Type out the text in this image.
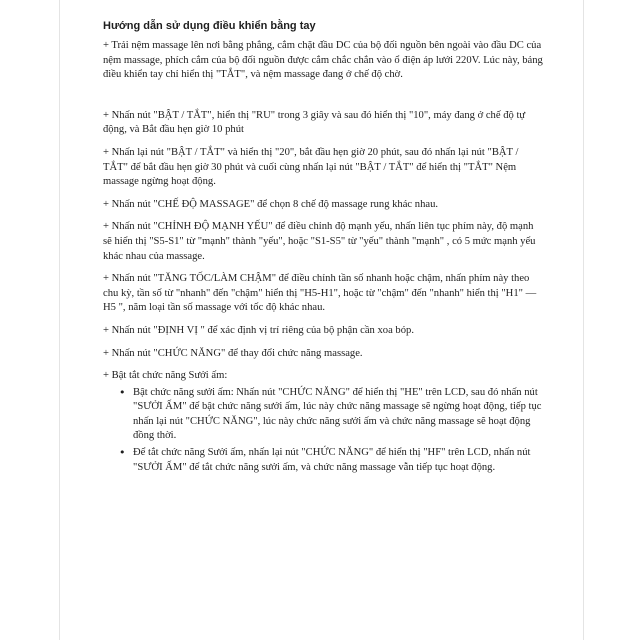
Hướng dẫn sử dụng điều khiển bằng tay

+ Trải nệm massage lên nơi bằng phẳng, cắm chặt đầu DC của bộ đối nguồn bên ngoài vào đầu DC của nệm massage, phích cắm của bộ đối nguồn được cắm chắc chắn vào ổ điện áp lưới 220V. Lúc này, bảng điều khiển tay chỉ hiển thị "TẮT", và nệm massage đang ở chế độ chờ.

+ Nhấn nút "BẬT / TẮT", hiển thị "RU" trong 3 giây và sau đó hiển thị "10", máy đang ở chế độ tự động, và Bắt đầu hẹn giờ 10 phút

+ Nhấn lại nút "BẬT / TẮT" và hiển thị "20", bắt đầu hẹn giờ 20 phút, sau đó nhấn lại nút "BẬT / TẮT" để bắt đầu hẹn giờ 30 phút và cuối cùng nhấn lại nút "BẬT / TẮT" để hiển thị "TẮT" Nệm massage ngừng hoạt động.

+ Nhấn nút "CHẾ ĐỘ MASSAGE" để chọn 8 chế độ massage rung khác nhau.

+ Nhấn nút "CHỈNH ĐỘ MẠNH YẾU" để điều chỉnh độ mạnh yếu, nhấn liên tục phím này, độ mạnh sẽ hiển thị "S5-S1" từ "mạnh" thành "yếu", hoặc "S1-S5" từ "yếu" thành "mạnh" , có 5 mức mạnh yếu khác nhau của massage.

+ Nhấn nút "TĂNG TỐC/LÀM CHẬM" để điều chỉnh tần số nhanh hoặc chậm, nhấn phím này theo chu kỳ, tần số từ "nhanh" đến "chậm" hiển thị "H5-H1", hoặc từ "chậm" đến "nhanh" hiển thị "H1" — H5 ", năm loại tần số massage với tốc độ khác nhau.

+ Nhấn nút "ĐỊNH VỊ " để xác định vị trí riêng của bộ phận cần xoa bóp.

+ Nhấn nút "CHỨC NĂNG" để thay đổi chức năng massage.

+ Bật tắt chức năng Sưởi ấm:

• Bật chức năng sưởi ấm: Nhấn nút "CHỨC NĂNG" để hiển thị "HE" trên LCD, sau đó nhấn nút "SƯỞI ẤM" để bật chức năng sưởi ấm, lúc này chức năng massage sẽ ngừng hoạt động, tiếp tục nhấn lại nút "CHỨC NĂNG", lúc này chức năng sưởi ấm và chức năng massage sẽ hoạt động đồng thời.
• Để tắt chức năng Sưởi ấm, nhấn lại nút "CHỨC NĂNG" để hiển thị "HF" trên LCD, nhấn nút "SƯỞI ẤM" để tắt chức năng sưởi ấm, và chức năng massage vẫn tiếp tục hoạt động.
